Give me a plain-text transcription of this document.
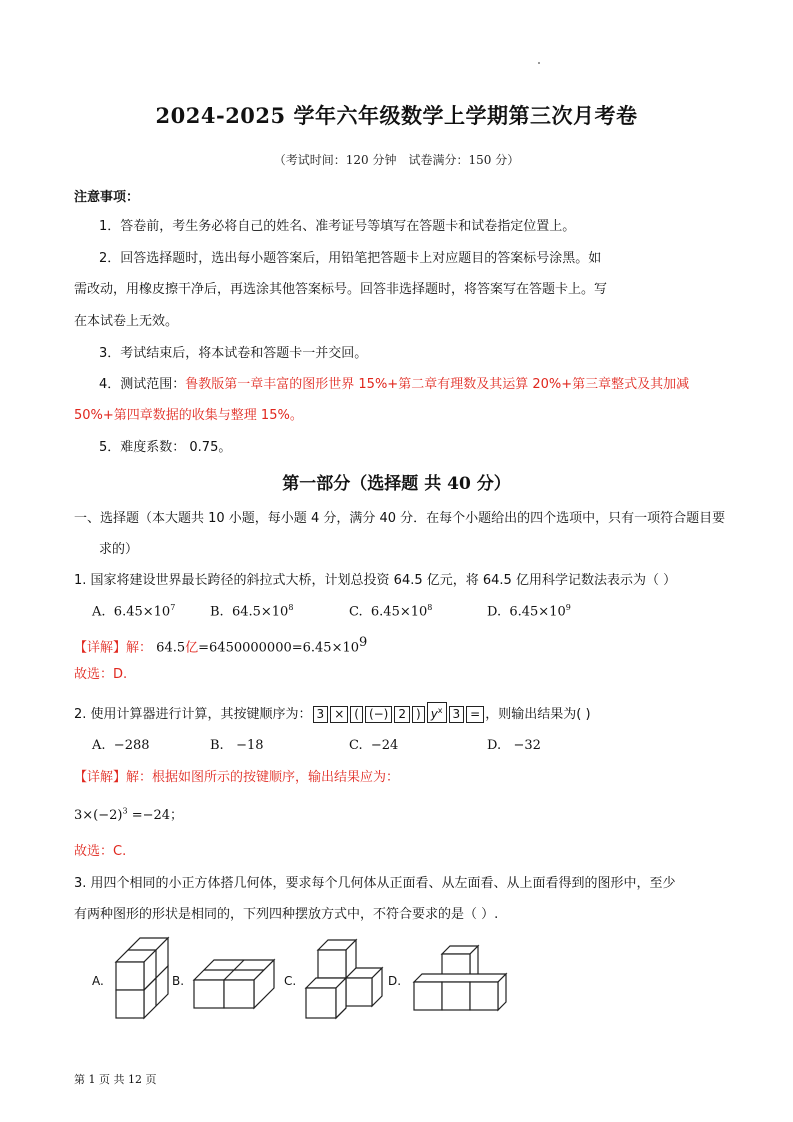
2024-2025 学年六年级数学上学期第三次月考卷
（考试时间：120 分钟　试卷满分：150 分）
注意事项：
1．答卷前，考生务必将自己的姓名、准考证号等填写在答题卡和试卷指定位置上。
2．回答选择题时，选出每小题答案后，用铅笔把答题卡上对应题目的答案标号涂黑。如
需改动，用橡皮擦干净后，再选涂其他答案标号。回答非选择题时，将答案写在答题卡上。写
在本试卷上无效。
3．考试结束后，将本试卷和答题卡一并交回。
4．测试范围：鲁教版第一章丰富的图形世界 15%+第二章有理数及其运算 20%+第三章整式及其加减
50%+第四章数据的收集与整理 15%。
5．难度系数： 0.75。
第一部分（选择题 共 40 分）
一、选择题（本大题共 10 小题，每小题 4 分，满分 40 分．在每个小题给出的四个选项中，只有一项符合题目要
求的）
1. 国家将建设世界最长跨径的斜拉式大桥，计划总投资 64.5 亿元，将 64.5 亿用科学记数法表示为（ ）
A. $6.45\times 10^7$	B. $64.5\times 10^8$	C. $6.45\times 10^8$	D. $6.45\times 10^9$
【详解】解： 64.5亿$=6450000000=6.45\times 10^9$
故选：D.
2. 使用计算器进行计算，其按键顺序为： 3 × ( (−) 2 ) $y^x$ 3 = ，则输出结果为( )
A. −288	B. −18	C. −24	D. −32
【详解】解：根据如图所示的按键顺序，输出结果应为：
$3\times(-2)^3 =-24$；
故选：C.
3. 用四个相同的小正方体搭几何体，要求每个几何体从正面看、从左面看、从上面看得到的图形中，至少
有两种图形的形状是相同的，下列四种摆放方式中，不符合要求的是（ ）.
A.	B.	C.	D.
第 1 页 共 12 页
